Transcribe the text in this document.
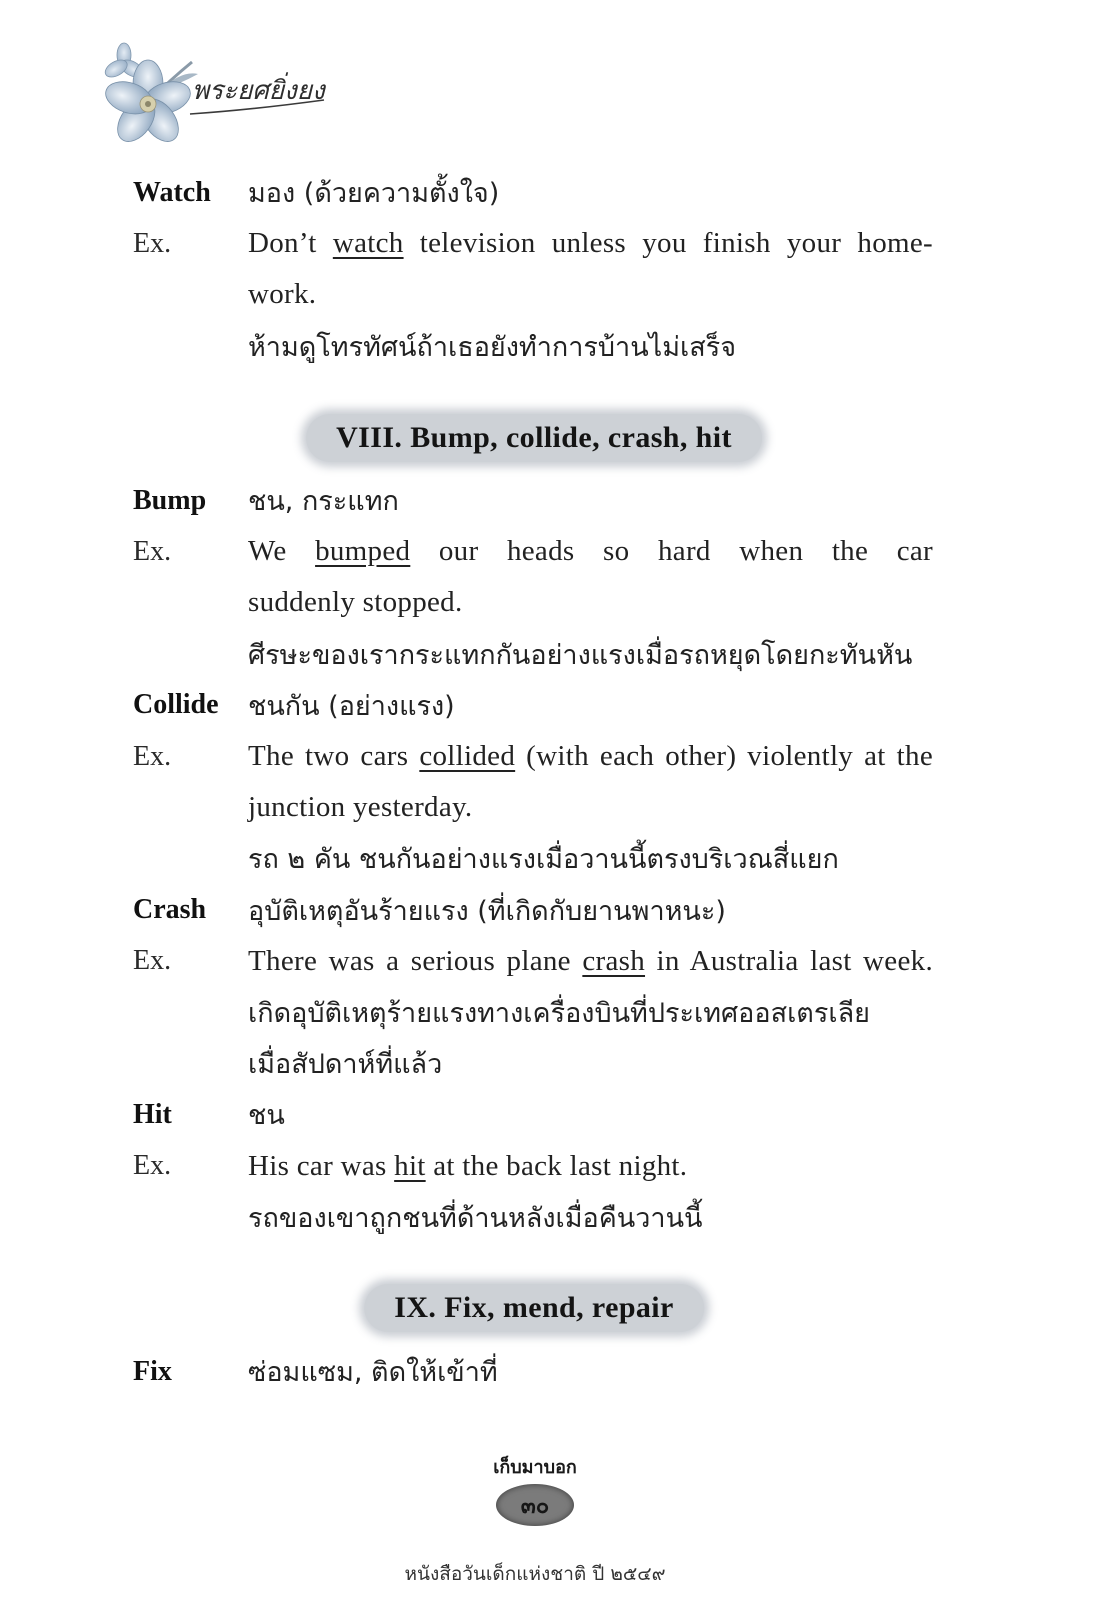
พระยศยิ่งยง
Watch	มอง (ด้วยความตั้งใจ)
Ex.	Don’t watch television unless you finish your home-
work.
ห้ามดูโทรทัศน์ถ้าเธอยังทำการบ้านไม่เสร็จ
VIII. Bump, collide, crash, hit
Bump	ชน, กระแทก
Ex.	We bumped our heads so hard when the car
suddenly stopped.
ศีรษะของเรากระแทกกันอย่างแรงเมื่อรถหยุดโดยกะทันหัน
Collide	ชนกัน (อย่างแรง)
Ex.	The two cars collided (with each other) violently at the
junction yesterday.
รถ ๒ คัน ชนกันอย่างแรงเมื่อวานนี้ตรงบริเวณสี่แยก
Crash	อุบัติเหตุอันร้ายแรง (ที่เกิดกับยานพาหนะ)
Ex.	There was a serious plane crash in Australia last week.
เกิดอุบัติเหตุร้ายแรงทางเครื่องบินที่ประเทศออสเตรเลีย
เมื่อสัปดาห์ที่แล้ว
Hit	ชน
Ex.	His car was hit at the back last night.
รถของเขาถูกชนที่ด้านหลังเมื่อคืนวานนี้
IX. Fix, mend, repair
Fix	ซ่อมแซม, ติดให้เข้าที่
เก็บมาบอก
๓๐
หนังสือวันเด็กแห่งชาติ ปี ๒๕๔๙
